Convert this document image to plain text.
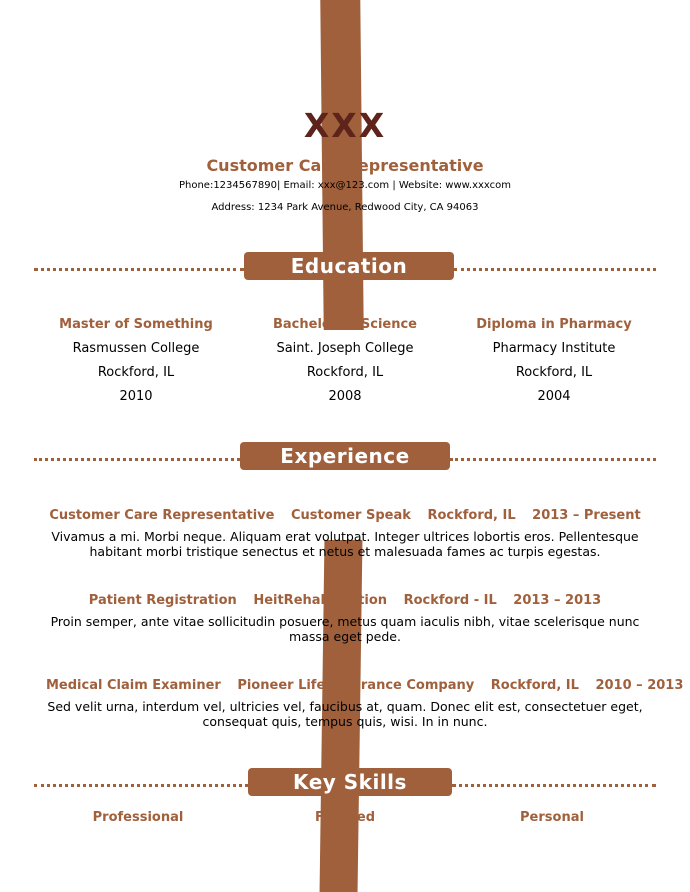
XXX
Customer Care Representative
Phone:1234567890| Email: xxx@123.com | Website: www.xxxcom
Address: 1234 Park Avenue, Redwood City, CA 94063
Education
Master of Something
Rasmussen College
Rockford, IL
2010
Bachelor of Science
Saint. Joseph College
Rockford, IL
2008
Diploma in Pharmacy
Pharmacy Institute
Rockford, IL
2004
Experience
Customer Care Representative Customer Speak Rockford, IL 2013 – Present
Vivamus a mi. Morbi neque. Aliquam erat volutpat. Integer ultrices lobortis eros. Pellentesque habitant morbi tristique senectus et netus et malesuada fames ac turpis egestas.
Patient Registration HeitRehabilitation Rockford - IL 2013 – 2013
Proin semper, ante vitae sollicitudin posuere, metus quam iaculis nibh, vitae scelerisque nunc massa eget pede.
Medical Claim Examiner Pioneer Life Insurance Company Rockford, IL 2010 – 2013
Sed velit urna, interdum vel, ultricies vel, faucibus at, quam. Donec elit est, consectetuer eget, consequat quis, tempus quis, wisi. In in nunc.
Key Skills
Professional	Focused	Personal
